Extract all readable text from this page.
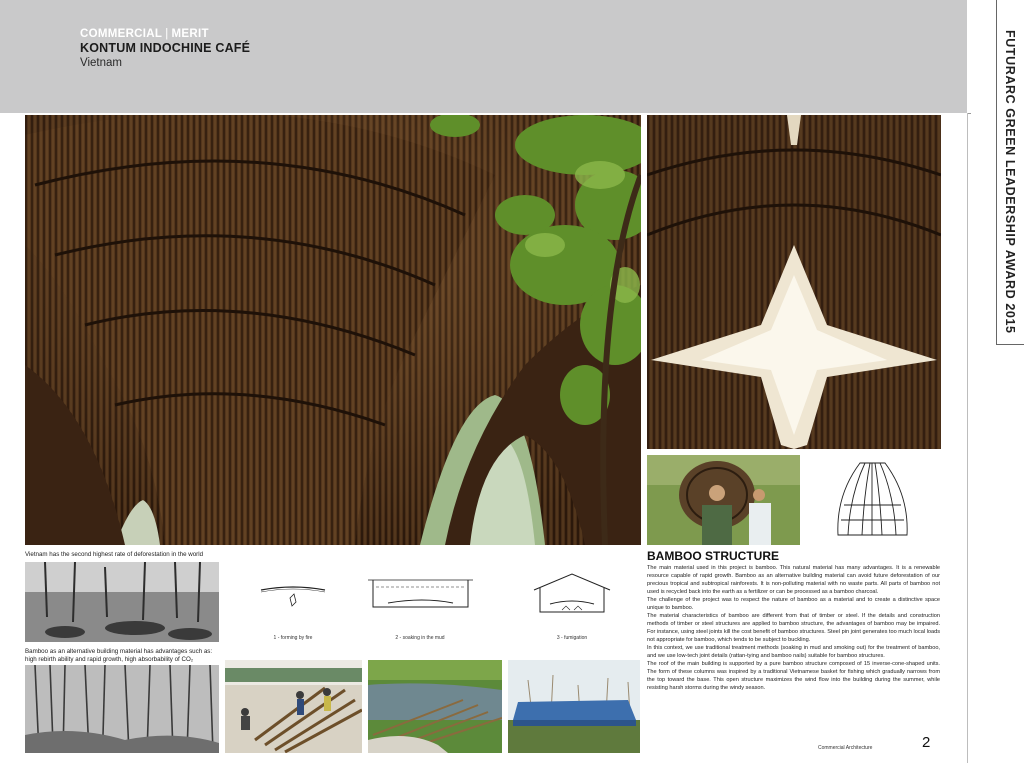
COMMERCIAL | MERIT
KONTUM INDOCHINE CAFÉ
Vietnam	FUTURARC GREEN LEADERSHIP AWARD 2015
Vietnam has the second highest rate of deforestation in the world
Bamboo as an alternative building material has advantages such as:
high rebirth ability and rapid growth, high absorbability of CO₂
1 - forming by fire	2 - soaking in the mud	3 - fumigation
BAMBOO STRUCTURE

The main material used in this project is bamboo. This natural material has many advantages. It is a renewable resource capable of rapid growth. Bamboo as an alternative building material can avoid future deforestation of our precious tropical and subtropical rainforests. It is non-polluting material with no waste parts. All parts of bamboo not used is recycled back into the earth as a fertilizer or can be processed as a bamboo charcoal.

The challenge of the project was to respect the nature of bamboo as a material and to create a distinctive space unique to bamboo.

The material characteristics of bamboo are different from that of timber or steel. If the details and construction methods of timber or steel structures are applied to bamboo structure, the advantages of bamboo may be impaired. For instance, using steel joints kill the cost benefit of bamboo structures. Steel pin joint generates too much local loads not appropriate for bamboo, which tends to be subject to buckling.

In this context, we use traditional treatment methods (soaking in mud and smoking out) for the treatment of bamboo, and we use low-tech joint details (rattan-tying and bamboo nails) suitable for bamboo structures.

The roof of the main building is supported by a pure bamboo structure composed of 15 inverse-cone-shaped units. The form of these columns was inspired by a traditional Vietnamese basket for fishing which gradually narrows from the top toward the base. This open structure maximizes the wind flow into the building during the summer, while resisting harsh storms during the windy season.

Commercial Architecture	2
